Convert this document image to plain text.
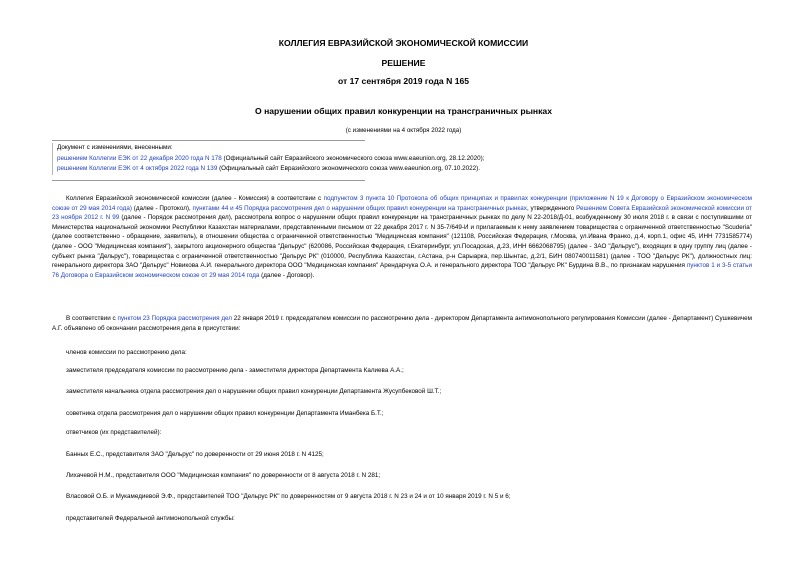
КОЛЛЕГИЯ ЕВРАЗИЙСКОЙ ЭКОНОМИЧЕСКОЙ КОМИССИИ
РЕШЕНИЕ
от 17 сентября 2019 года N 165
О нарушении общих правил конкуренции на трансграничных рынках
(с изменениями на 4 октября 2022 года)
Документ с изменениями, внесенными:
решением Коллегии ЕЭК от 22 декабря 2020 года N 178 (Официальный сайт Евразийского экономического союза www.eaeunion.org, 28.12.2020);
решением Коллегии ЕЭК от 4 октября 2022 года N 139 (Официальный сайт Евразийского экономического союза www.eaeunion.org, 07.10.2022).
Коллегия Евразийской экономической комиссии (далее - Комиссия) в соответствии с подпунктом 3 пункта 10 Протокола об общих принципах и правилах конкуренции (приложение N 19 к Договору о Евразийском экономическом союзе от 29 мая 2014 года) (далее - Протокол), пунктами 44 и 45 Порядка рассмотрения дел о нарушении общих правил конкуренции на трансграничных рынках, утвержденного Решением Совета Евразийской экономической комиссии от 23 ноября 2012 г. N 99 (далее - Порядок рассмотрения дел), рассмотрела вопрос о нарушении общих правил конкуренции на трансграничных рынках по делу N 22-2018/Д-01, возбужденному 30 июля 2018 г. в связи с поступившими от Министерства национальной экономики Республики Казахстан материалами, представленными письмом от 22 декабря 2017 г. N 35-7/649-И и прилагаемым к нему заявлением товарищества с ограниченной ответственностью "Scuderia" (далее соответственно - обращение, заявитель), в отношении общества с ограниченной ответственностью "Медицинская компания" (121108, Российская Федерация, г.Москва, ул.Ивана Франко, д.4, корп.1, офис 45, ИНН 7731585774) (далее - ООО "Медицинская компания"), закрытого акционерного общества "Дельрус" (620086, Российская Федерация, г.Екатеринбург, ул.Посадская, д.23, ИНН 6662068795) (далее - ЗАО "Дельрус"), входящих в одну группу лиц (далее - субъект рынка "Дельрус"), товарищества с ограниченной ответственностью "Дельрус РК" (010000, Республика Казахстан, г.Астана, р-н Сарыарка, пер.Шынтас, д.2/1, БИН 080740011581) (далее - ТОО "Дельрус РК"), должностных лиц: генерального директора ЗАО "Дельрус" Новикова А.И. генерального директора ООО "Медицинская компания" Арендарчука О.А. и генерального директора ТОО "Дельрус РК" Бурдина В.В., по признакам нарушения пунктов 1 и 3-5 статьи 76 Договора о Евразийском экономическом союзе от 29 мая 2014 года (далее - Договор).
В соответствии с пунктом 23 Порядка рассмотрения дел 22 января 2019 г. председателем комиссии по рассмотрению дела - директором Департамента антимонопольного регулирования Комиссии (далее - Департамент) Сушкевичем А.Г. объявлено об окончании рассмотрения дела в присутствии:
членов комиссии по рассмотрению дела:
заместителя председателя комиссии по рассмотрению дела - заместителя директора Департамента Калиева А.А.;
заместителя начальника отдела рассмотрения дел о нарушении общих правил конкуренции Департамента Жусупбековой Ш.Т.;
советника отдела рассмотрения дел о нарушении общих правил конкуренции Департамента Иманбека Б.Т.;
ответчиков (их представителей):
Банных Е.С., представителя ЗАО "Дельрус" по доверенности от 29 июня 2018 г. N 4125;
Лихачевой Н.М., представителя ООО "Медицинская компания" по доверенности от 8 августа 2018 г. N 281;
Власовой О.Б. и Мукамедиевой Э.Ф., представителей ТОО "Дельрус РК" по доверенностям от 9 августа 2018 г. N 23 и 24 и от 10 января 2019 г. N 5 и 6;
представителей Федеральной антимонопольной службы:
